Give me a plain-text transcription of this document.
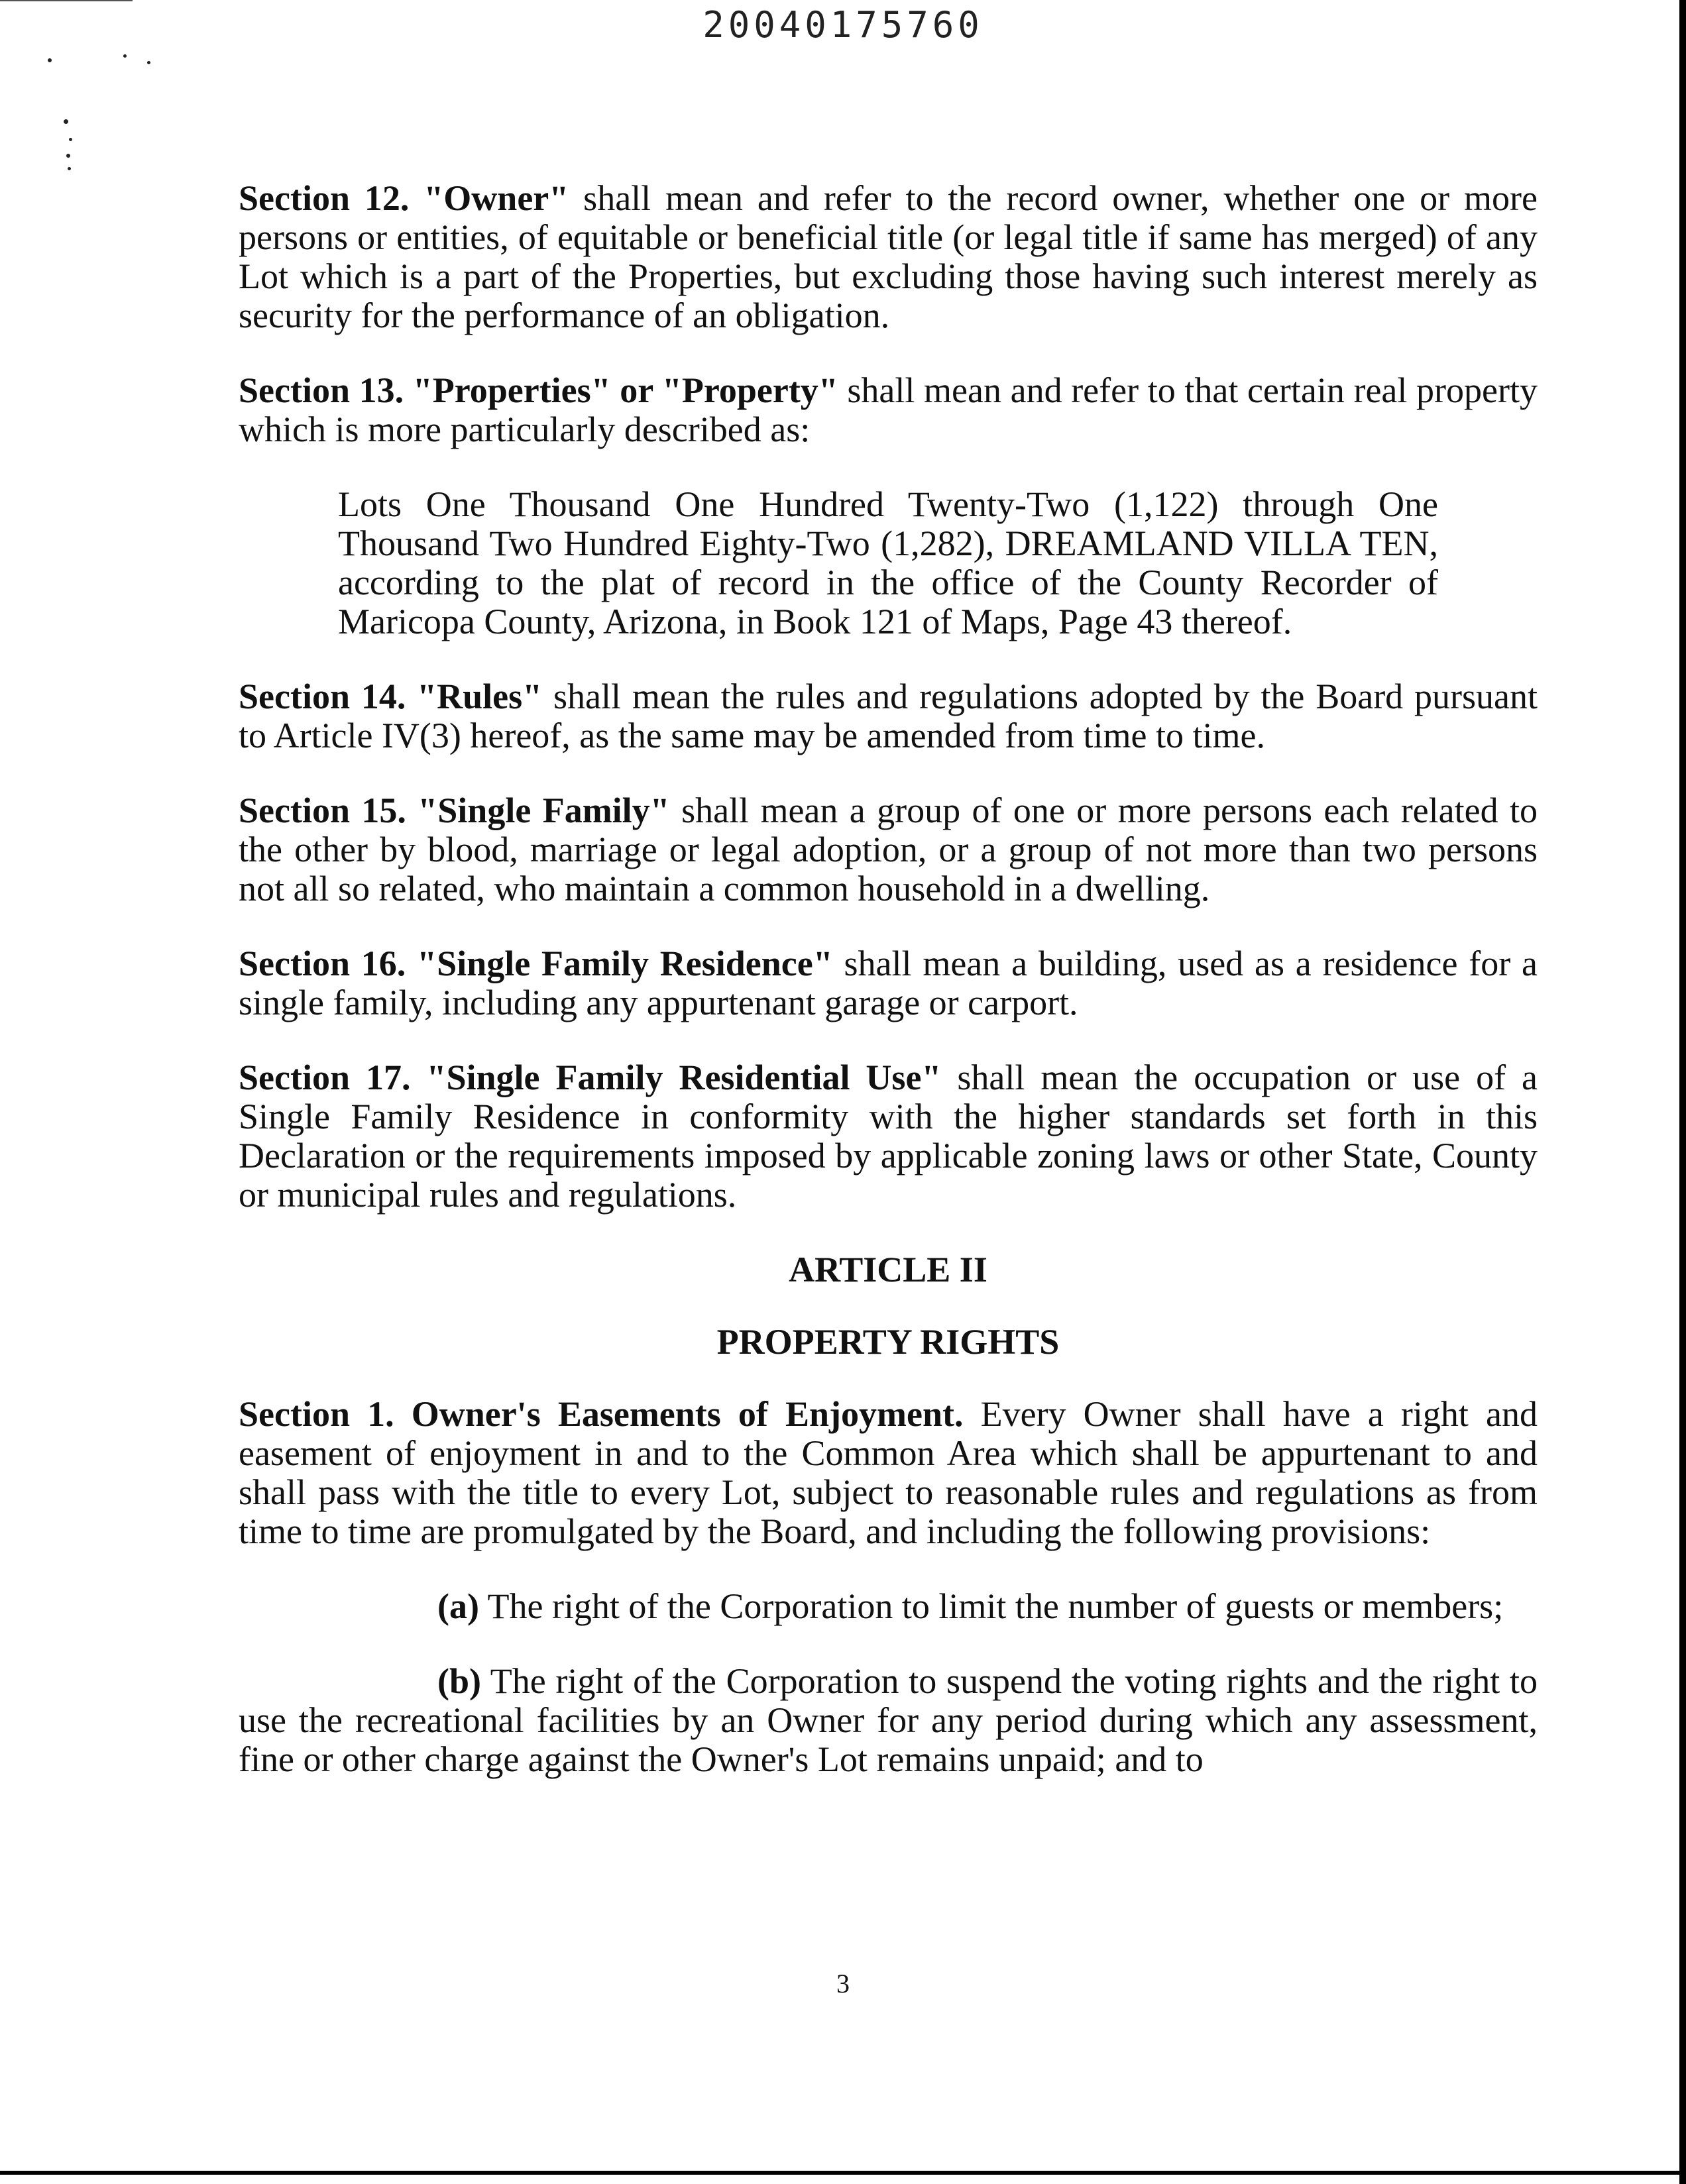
20040175760

Section 12. "Owner" shall mean and refer to the record owner, whether one or more persons or entities, of equitable or beneficial title (or legal title if same has merged) of any Lot which is a part of the Properties, but excluding those having such interest merely as security for the performance of an obligation.

Section 13. "Properties" or "Property" shall mean and refer to that certain real property which is more particularly described as:

Lots One Thousand One Hundred Twenty-Two (1,122) through One Thousand Two Hundred Eighty-Two (1,282), DREAMLAND VILLA TEN, according to the plat of record in the office of the County Recorder of Maricopa County, Arizona, in Book 121 of Maps, Page 43 thereof.

Section 14. "Rules" shall mean the rules and regulations adopted by the Board pursuant to Article IV(3) hereof, as the same may be amended from time to time.

Section 15. "Single Family" shall mean a group of one or more persons each related to the other by blood, marriage or legal adoption, or a group of not more than two persons not all so related, who maintain a common household in a dwelling.

Section 16. "Single Family Residence" shall mean a building, used as a residence for a single family, including any appurtenant garage or carport.

Section 17. "Single Family Residential Use" shall mean the occupation or use of a Single Family Residence in conformity with the higher standards set forth in this Declaration or the requirements imposed by applicable zoning laws or other State, County or municipal rules and regulations.

ARTICLE II
PROPERTY RIGHTS

Section 1. Owner's Easements of Enjoyment. Every Owner shall have a right and easement of enjoyment in and to the Common Area which shall be appurtenant to and shall pass with the title to every Lot, subject to reasonable rules and regulations as from time to time are promulgated by the Board, and including the following provisions:

(a) The right of the Corporation to limit the number of guests or members;

(b) The right of the Corporation to suspend the voting rights and the right to use the recreational facilities by an Owner for any period during which any assessment, fine or other charge against the Owner's Lot remains unpaid; and to

3
